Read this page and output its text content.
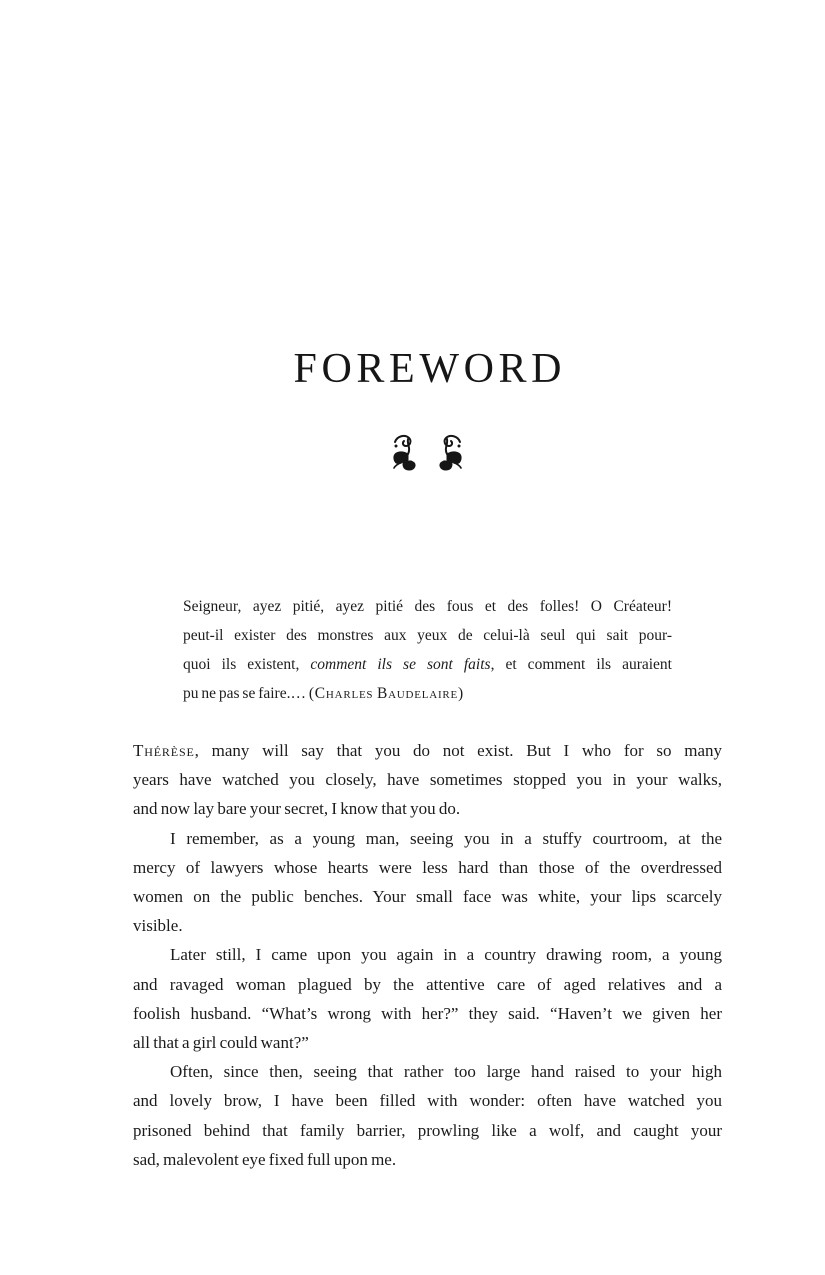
FOREWORD
Seigneur, ayez pitié, ayez pitié des fous et des folles! O Créateur!
peut-il exister des monstres aux yeux de celui-là seul qui sait pour-
quoi ils existent, comment ils se sont faits, et comment ils auraient
pu ne pas se faire.… (Charles Baudelaire)
Thérèse, many will say that you do not exist. But I who for so many
years have watched you closely, have sometimes stopped you in your walks,
and now lay bare your secret, I know that you do.
I remember, as a young man, seeing you in a stuffy courtroom, at the
mercy of lawyers whose hearts were less hard than those of the overdressed
women on the public benches. Your small face was white, your lips scarcely
visible.
Later still, I came upon you again in a country drawing room, a young
and ravaged woman plagued by the attentive care of aged relatives and a
foolish husband. “What’s wrong with her?” they said. “Haven’t we given her
all that a girl could want?”
Often, since then, seeing that rather too large hand raised to your high
and lovely brow, I have been filled with wonder: often have watched you
prisoned behind that family barrier, prowling like a wolf, and caught your
sad, malevolent eye fixed full upon me.
